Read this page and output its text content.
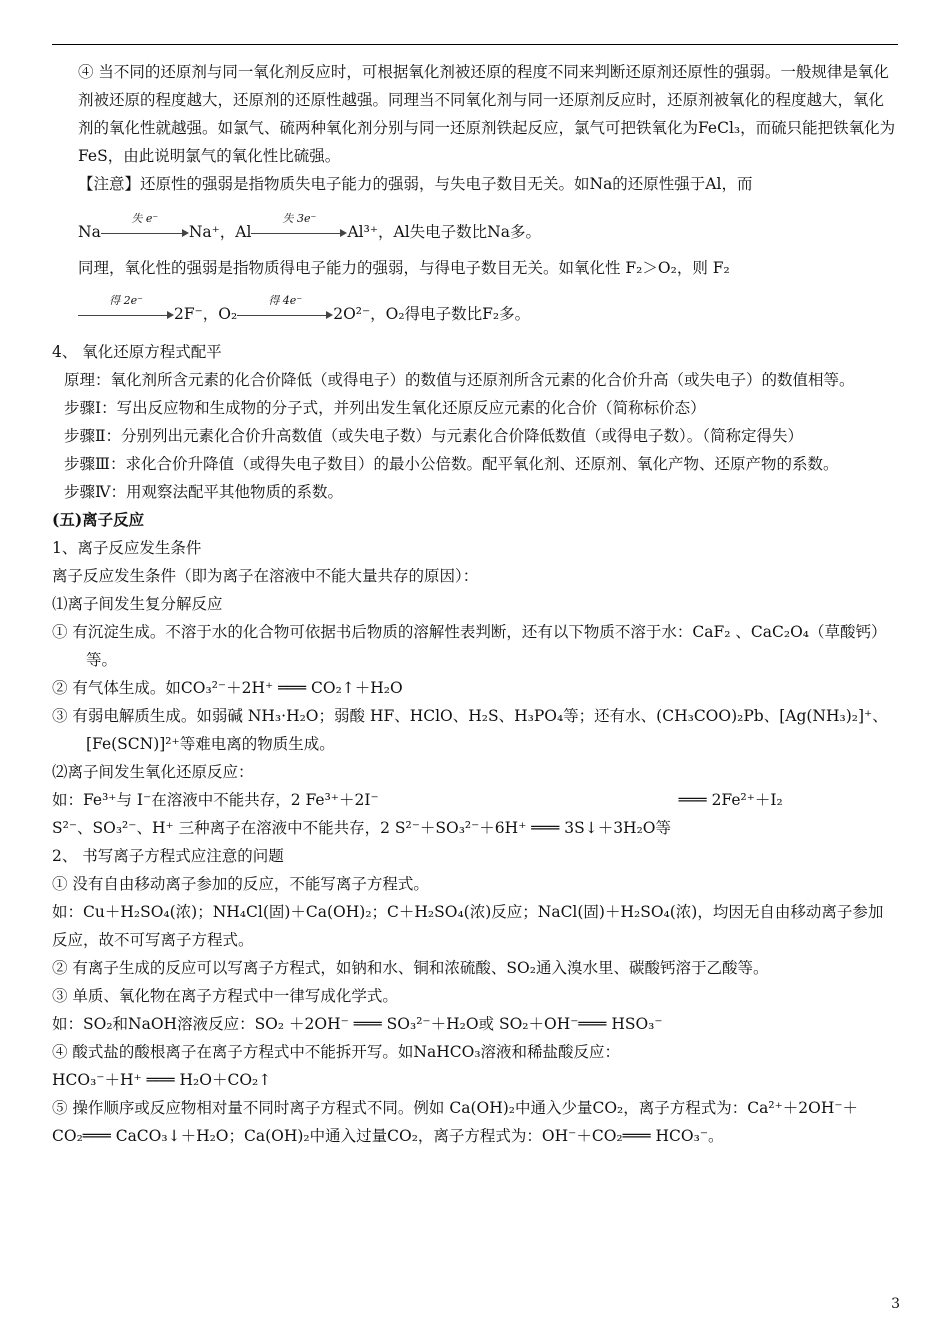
④ 当不同的还原剂与同一氧化剂反应时，可根据氧化剂被还原的程度不同来判断还原剂还原性的强弱。一般规律是氧化剂被还原的程度越大，还原剂的还原性越强。同理当不同氧化剂与同一还原剂反应时，还原剂被氧化的程度越大，氧化剂的氧化性就越强。如氯气、硫两种氧化剂分别与同一还原剂铁起反应，氯气可把铁氧化为FeCl₃，而硫只能把铁氧化为FeS，由此说明氯气的氧化性比硫强。

【注意】还原性的强弱是指物质失电子能力的强弱，与失电子数目无关。如Na的还原性强于Al，而

Na
失 e⁻
Na⁺，Al
失 3e⁻
Al³⁺，Al失电子数比Na多。

同理，氧化性的强弱是指物质得电子能力的强弱，与得电子数目无关。如氧化性 F₂＞O₂，则 F₂

得 2e⁻
2F⁻，O₂
得 4e⁻
2O²⁻，O₂得电子数比F₂多。

4、 氧化还原方程式配平

原理：氧化剂所含元素的化合价降低（或得电子）的数值与还原剂所含元素的化合价升高（或失电子）的数值相等。

步骤Ⅰ：写出反应物和生成物的分子式，并列出发生氧化还原反应元素的化合价（简称标价态）

步骤Ⅱ：分别列出元素化合价升高数值（或失电子数）与元素化合价降低数值（或得电子数）。（简称定得失）

步骤Ⅲ：求化合价升降值（或得失电子数目）的最小公倍数。配平氧化剂、还原剂、氧化产物、还原产物的系数。

步骤Ⅳ：用观察法配平其他物质的系数。

(五)离子反应

1、离子反应发生条件

离子反应发生条件（即为离子在溶液中不能大量共存的原因）：

⑴离子间发生复分解反应

① 有沉淀生成。不溶于水的化合物可依据书后物质的溶解性表判断，还有以下物质不溶于水：CaF₂ 、CaC₂O₄（草酸钙）等。

② 有气体生成。如CO₃²⁻＋2H⁺ ═══ CO₂↑＋H₂O

③ 有弱电解质生成。如弱碱 NH₃·H₂O；弱酸 HF、HClO、H₂S、H₃PO₄等；还有水、(CH₃COO)₂Pb、[Ag(NH₃)₂]⁺、[Fe(SCN)]²⁺等难电离的物质生成。

⑵离子间发生氧化还原反应：

如：Fe³⁺与 I⁻在溶液中不能共存，2 Fe³⁺＋2I⁻	═══ 2Fe²⁺＋I₂

S²⁻、SO₃²⁻、H⁺ 三种离子在溶液中不能共存，2 S²⁻＋SO₃²⁻＋6H⁺ ═══ 3S↓＋3H₂O等

2、 书写离子方程式应注意的问题

① 没有自由移动离子参加的反应，不能写离子方程式。

如：Cu＋H₂SO₄(浓)；NH₄Cl(固)＋Ca(OH)₂；C＋H₂SO₄(浓)反应；NaCl(固)＋H₂SO₄(浓)，均因无自由移动离子参加反应，故不可写离子方程式。

② 有离子生成的反应可以写离子方程式，如钠和水、铜和浓硫酸、SO₂通入溴水里、碳酸钙溶于乙酸等。

③ 单质、氧化物在离子方程式中一律写成化学式。

如：SO₂和NaOH溶液反应：SO₂ ＋2OH⁻ ═══ SO₃²⁻＋H₂O或 SO₂＋OH⁻═══ HSO₃⁻

④ 酸式盐的酸根离子在离子方程式中不能拆开写。如NaHCO₃溶液和稀盐酸反应：

HCO₃⁻＋H⁺ ═══ H₂O＋CO₂↑

⑤ 操作顺序或反应物相对量不同时离子方程式不同。例如 Ca(OH)₂中通入少量CO₂，离子方程式为：Ca²⁺＋2OH⁻＋CO₂═══ CaCO₃↓＋H₂O；Ca(OH)₂中通入过量CO₂，离子方程式为：OH⁻＋CO₂═══ HCO₃⁻。

3
